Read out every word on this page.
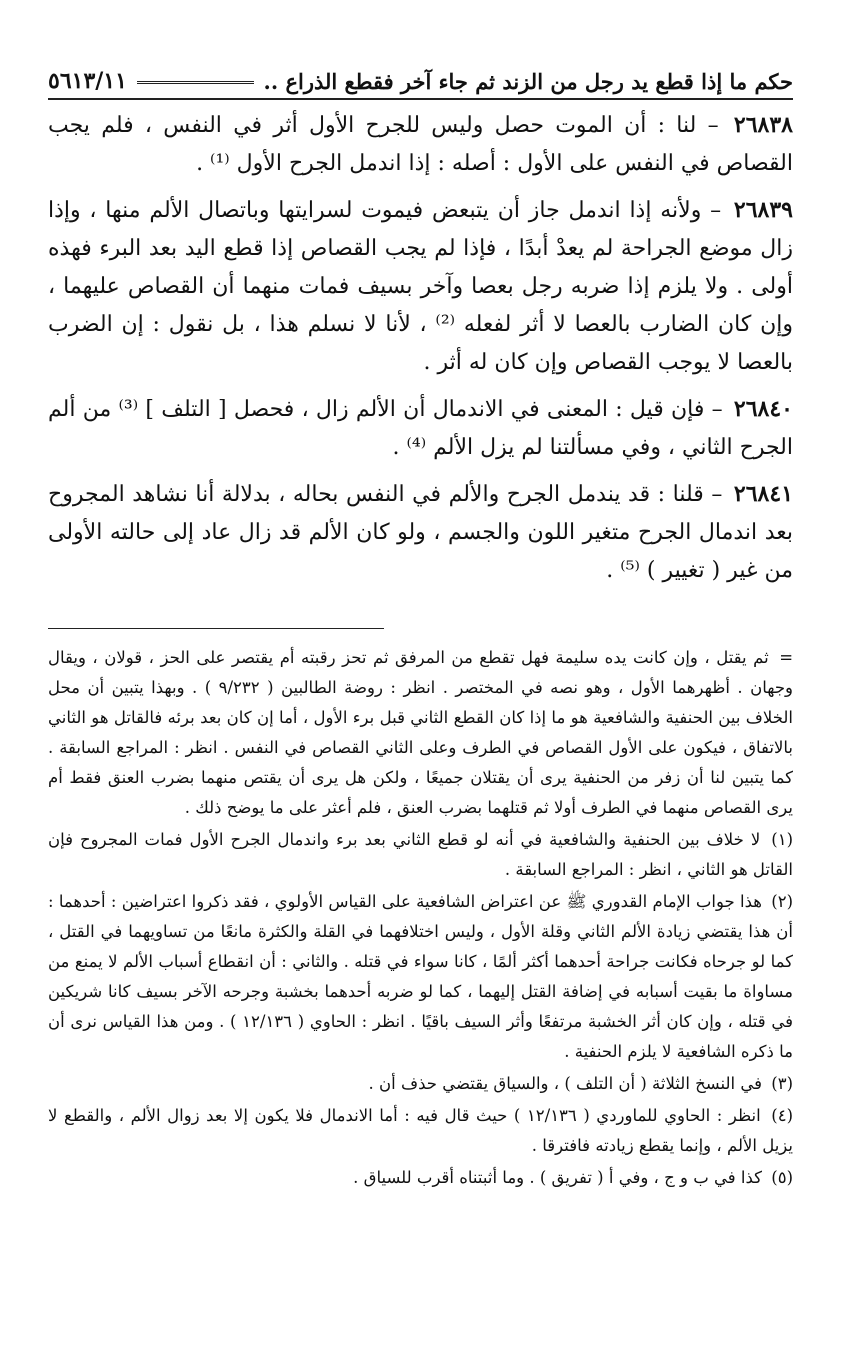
حكم ما إذا قطع يد رجل من الزند ثم جاء آخر فقطع الذراع ..
٥٦١٣/١١

٢٦٨٣٨ – لنا : أن الموت حصل وليس للجرح الأول أثر في النفس ، فلم يجب القصاص في النفس على الأول : أصله : إذا اندمل الجرح الأول ⁽¹⁾ .

٢٦٨٣٩ – ولأنه إذا اندمل جاز أن يتبعض فيموت لسرايتها وباتصال الألم منها ، وإذا زال موضع الجراحة لم يعدْ أبدًا ، فإذا لم يجب القصاص إذا قطع اليد بعد البرء فهذه أولى . ولا يلزم إذا ضربه رجل بعصا وآخر بسيف فمات منهما أن القصاص عليهما ، وإن كان الضارب بالعصا لا أثر لفعله ⁽²⁾ ، لأنا لا نسلم هذا ، بل نقول : إن الضرب بالعصا لا يوجب القصاص وإن كان له أثر .

٢٦٨٤٠ – فإن قيل : المعنى في الاندمال أن الألم زال ، فحصل [ التلف ] ⁽³⁾ من ألم الجرح الثاني ، وفي مسألتنا لم يزل الألم ⁽⁴⁾ .

٢٦٨٤١ – قلنا : قد يندمل الجرح والألم في النفس بحاله ، بدلالة أنا نشاهد المجروح بعد اندمال الجرح متغير اللون والجسم ، ولو كان الألم قد زال عاد إلى حالته الأولى من غير ( تغيير ) ⁽⁵⁾ .

= ثم يقتل ، وإن كانت يده سليمة فهل تقطع من المرفق ثم تحز رقبته أم يقتصر على الحز ، قولان ، ويقال وجهان . أظهرهما الأول ، وهو نصه في المختصر . انظر : روضة الطالبين ( ٩/٢٣٢ ) . وبهذا يتبين أن محل الخلاف بين الحنفية والشافعية هو ما إذا كان القطع الثاني قبل برء الأول ، أما إن كان بعد برئه فالقاتل هو الثاني بالاتفاق ، فيكون على الأول القصاص في الطرف وعلى الثاني القصاص في النفس . انظر : المراجع السابقة . كما يتبين لنا أن زفر من الحنفية يرى أن يقتلان جميعًا ، ولكن هل يرى أن يقتص منهما بضرب العنق فقط أم يرى القصاص منهما في الطرف أولا ثم قتلهما بضرب العنق ، فلم أعثر على ما يوضح ذلك .

(١) لا خلاف بين الحنفية والشافعية في أنه لو قطع الثاني بعد برء واندمال الجرح الأول فمات المجروح فإن القاتل هو الثاني ، انظر : المراجع السابقة .

(٢) هذا جواب الإمام القدوري ﷺ عن اعتراض الشافعية على القياس الأولوي ، فقد ذكروا اعتراضين : أحدهما : أن هذا يقتضي زيادة الألم الثاني وقلة الأول ، وليس اختلافهما في القلة والكثرة مانعًا من تساويهما في القتل ، كما لو جرحاه فكانت جراحة أحدهما أكثر ألمًا ، كانا سواء في قتله . والثاني : أن انقطاع أسباب الألم لا يمنع من مساواة ما بقيت أسبابه في إضافة القتل إليهما ، كما لو ضربه أحدهما بخشبة وجرحه الآخر بسيف كانا شريكين في قتله ، وإن كان أثر الخشبة مرتفعًا وأثر السيف باقيًا . انظر : الحاوي ( ١٢/١٣٦ ) . ومن هذا القياس نرى أن ما ذكره الشافعية لا يلزم الحنفية .

(٣) في النسخ الثلاثة ( أن التلف ) ، والسياق يقتضي حذف أن .

(٤) انظر : الحاوي للماوردي ( ١٢/١٣٦ ) حيث قال فيه : أما الاندمال فلا يكون إلا بعد زوال الألم ، والقطع لا يزيل الألم ، وإنما يقطع زيادته فافترقا .

(٥) كذا في ب و ج ، وفي أ ( تفريق ) . وما أثبتناه أقرب للسياق .
